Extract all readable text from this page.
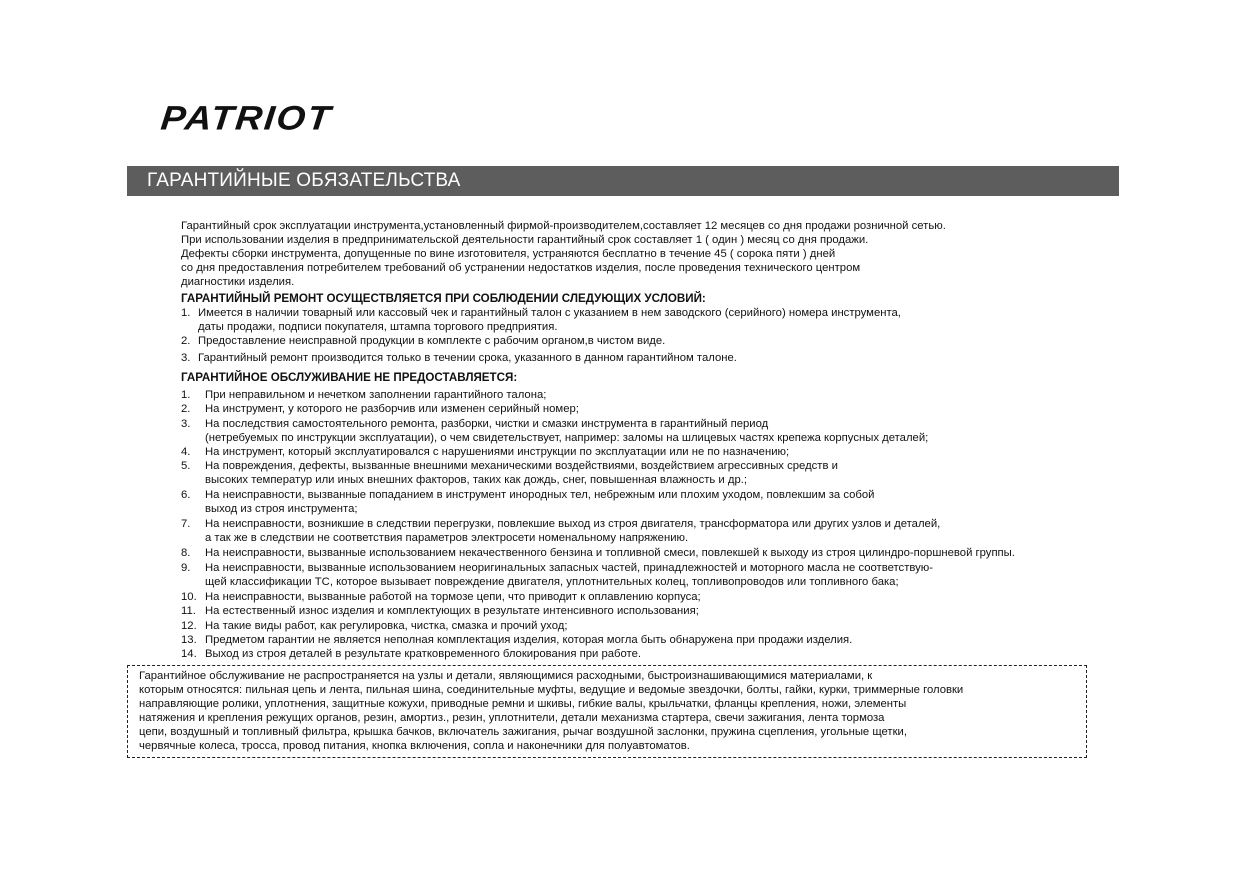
PATRIOT
ГАРАНТИЙНЫЕ ОБЯЗАТЕЛЬСТВА
Гарантийный срок эксплуатации инструмента,установленный фирмой-производителем,составляет 12 месяцев со дня продажи розничной сетью.
При использовании изделия в предпринимательской деятельности гарантийный срок составляет 1 ( один ) месяц со дня продажи.
Дефекты сборки инструмента, допущенные по вине изготовителя, устраняются бесплатно в течение 45 ( сорока пяти ) дней
со дня предоставления потребителем требований об устранении недостатков изделия, после проведения технического центром
диагностики изделия.
ГАРАНТИЙНЫЙ РЕМОНТ ОСУЩЕСТВЛЯЕТСЯ ПРИ СОБЛЮДЕНИИ СЛЕДУЮЩИХ УСЛОВИЙ:
1. Имеется в наличии товарный или кассовый чек и гарантийный талон с указанием в нем заводского (серийного) номера инструмента,
даты продажи, подписи покупателя, штампа торгового предприятия.
2. Предоставление неисправной продукции в комплекте с рабочим органом,в чистом виде.
3. Гарантийный ремонт производится только в течении срока, указанного в данном гарантийном талоне.
ГАРАНТИЙНОЕ ОБСЛУЖИВАНИЕ НЕ ПРЕДОСТАВЛЯЕТСЯ:
1. При неправильном и нечетком заполнении гарантийного талона;
2. На инструмент, у которого не разборчив или изменен серийный номер;
3. На последствия самостоятельного ремонта, разборки, чистки и смазки инструмента в гарантийный период
(нетребуемых по инструкции эксплуатации), о чем свидетельствует, например: заломы на шлицевых частях крепежа корпусных деталей;
4. На инструмент, который эксплуатировался с нарушениями инструкции по эксплуатации или не по назначению;
5. На повреждения, дефекты, вызванные внешними механическими воздействиями, воздействием агрессивных средств и
высоких температур или иных внешних факторов, таких как дождь, снег, повышенная влажность и др.;
6. На неисправности, вызванные попаданием в инструмент инородных тел, небрежным или плохим уходом, повлекшим за собой
выход из строя инструмента;
7. На неисправности, возникшие в следствии перегрузки, повлекшие выход из строя двигателя, трансформатора или других узлов и деталей,
а так же в следствии не соответствия параметров электросети номенальному напряжению.
8. На неисправности, вызванные использованием некачественного бензина и топливной смеси, повлекшей к выходу из строя цилиндро-поршневой группы.
9. На неисправности, вызванные использованием неоригинальных запасных частей, принадлежностей и моторного масла не соответствую-
щей классификации ТС, которое вызывает повреждение двигателя, уплотнительных колец, топливопроводов или топливного бака;
10. На неисправности, вызванные работой на тормозе цепи, что приводит к оплавлению корпуса;
11. На естественный износ изделия и комплектующих в результате интенсивного использования;
12. На такие виды работ, как регулировка, чистка, смазка и прочий уход;
13. Предметом гарантии не является неполная комплектация изделия, которая могла быть обнаружена при продажи изделия.
14. Выход из строя деталей в результате кратковременного блокирования при работе.
Гарантийное обслуживание не распространяется на узлы и детали, являющимися расходными, быстроизнашивающимися материалами, к
которым относятся: пильная цепь и лента, пильная шина, соединительные муфты, ведущие и ведомые звездочки, болты, гайки, курки, триммерные головки
направляющие ролики, уплотнения, защитные кожухи, приводные ремни и шкивы, гибкие валы, крыльчатки, фланцы крепления, ножи, элементы
натяжения и крепления режущих органов, резин, амортиз., резин, уплотнители, детали механизма стартера, свечи зажигания, лента тормоза
цепи, воздушный и топливный фильтра, крышка бачков, включатель зажигания, рычаг воздушной заслонки, пружина сцепления, угольные щетки,
червячные колеса, тросса, провод питания, кнопка включения, сопла и наконечники для полуавтоматов.
